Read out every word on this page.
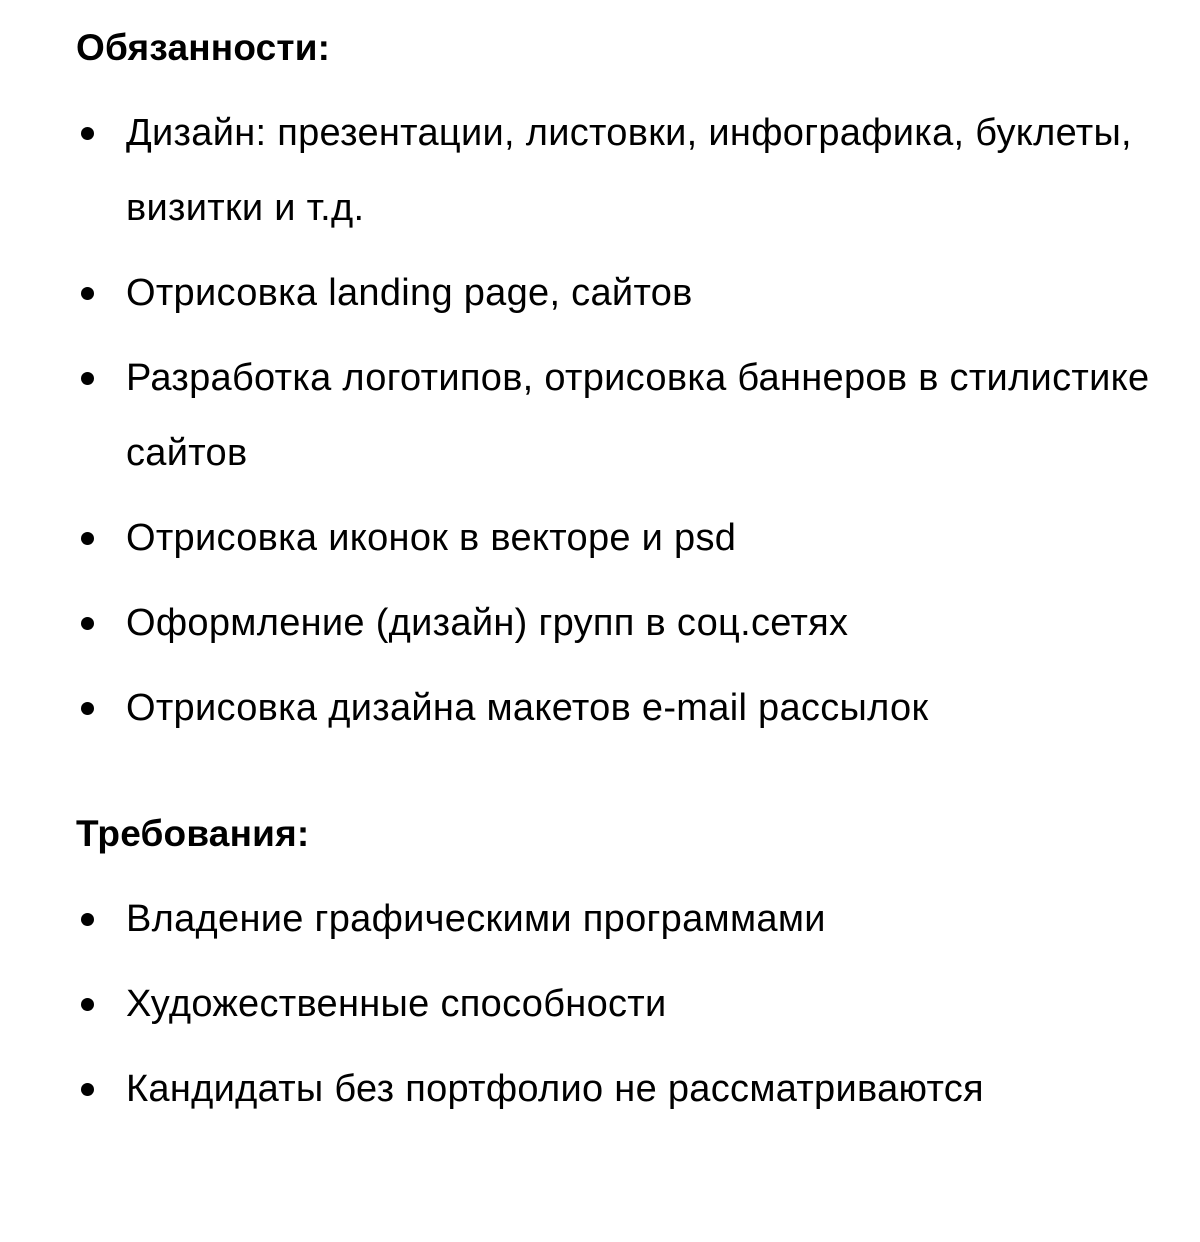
Обязанности:
Дизайн: презентации, листовки, инфографика, буклеты, визитки и т.д.
Отрисовка landing page, сайтов
Разработка логотипов, отрисовка баннеров в стилистике сайтов
Отрисовка иконок в векторе и psd
Оформление (дизайн) групп в соц.сетях
Отрисовка дизайна макетов e-mail рассылок
Требования:
Владение графическими программами
Художественные способности
Кандидаты без портфолио не рассматриваются
